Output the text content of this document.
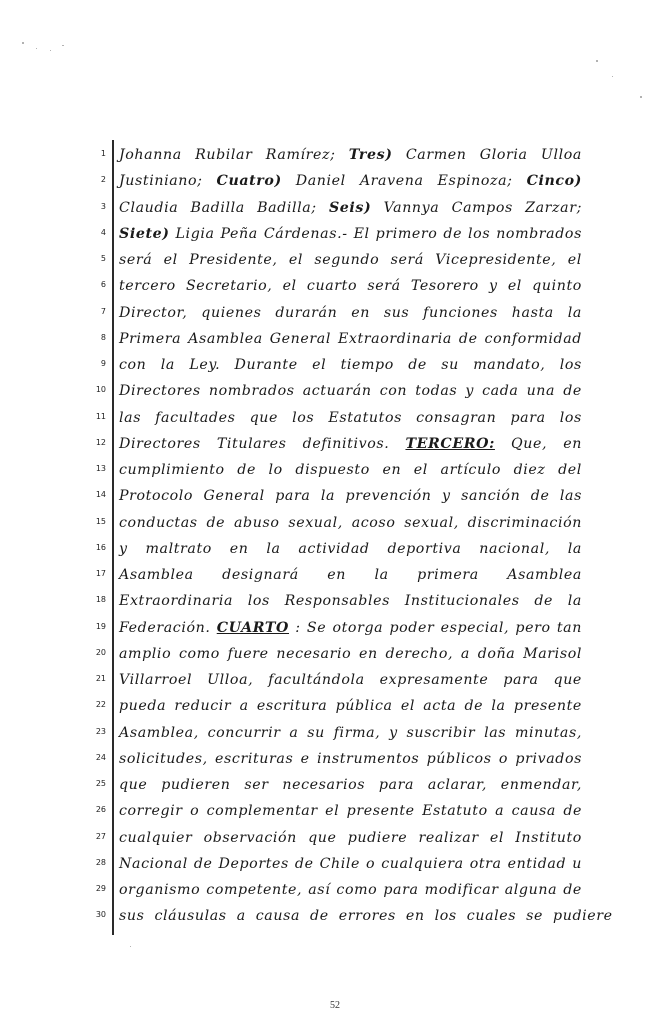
1 Johanna Rubilar Ramírez; Tres) Carmen Gloria Ulloa
2 Justiniano; Cuatro) Daniel Aravena Espinoza; Cinco)
3 Claudia Badilla Badilla; Seis) Vannya Campos Zarzar;
4 Siete) Ligia Peña Cárdenas.- El primero de los nombrados
5 será el Presidente, el segundo será Vicepresidente, el
6 tercero Secretario, el cuarto será Tesorero y el quinto
7 Director, quienes durarán en sus funciones hasta la
8 Primera Asamblea General Extraordinaria de conformidad
9 con la Ley. Durante el tiempo de su mandato, los
10 Directores nombrados actuarán con todas y cada una de
11 las facultades que los Estatutos consagran para los
12 Directores Titulares definitivos. TERCERO: Que, en
13 cumplimiento de lo dispuesto en el artículo diez del
14 Protocolo General para la prevención y sanción de las
15 conductas de abuso sexual, acoso sexual, discriminación
16 y maltrato en la actividad deportiva nacional, la
17 Asamblea designará en la primera Asamblea
18 Extraordinaria los Responsables Institucionales de la
19 Federación. CUARTO : Se otorga poder especial, pero tan
20 amplio como fuere necesario en derecho, a doña Marisol
21 Villarroel Ulloa, facultándola expresamente para que
22 pueda reducir a escritura pública el acta de la presente
23 Asamblea, concurrir a su firma, y suscribir las minutas,
24 solicitudes, escrituras e instrumentos públicos o privados
25 que pudieren ser necesarios para aclarar, enmendar,
26 corregir o complementar el presente Estatuto a causa de
27 cualquier observación que pudiere realizar el Instituto
28 Nacional de Deportes de Chile o cualquiera otra entidad u
29 organismo competente, así como para modificar alguna de
30 sus cláusulas a causa de errores en los cuales se pudiere
52
